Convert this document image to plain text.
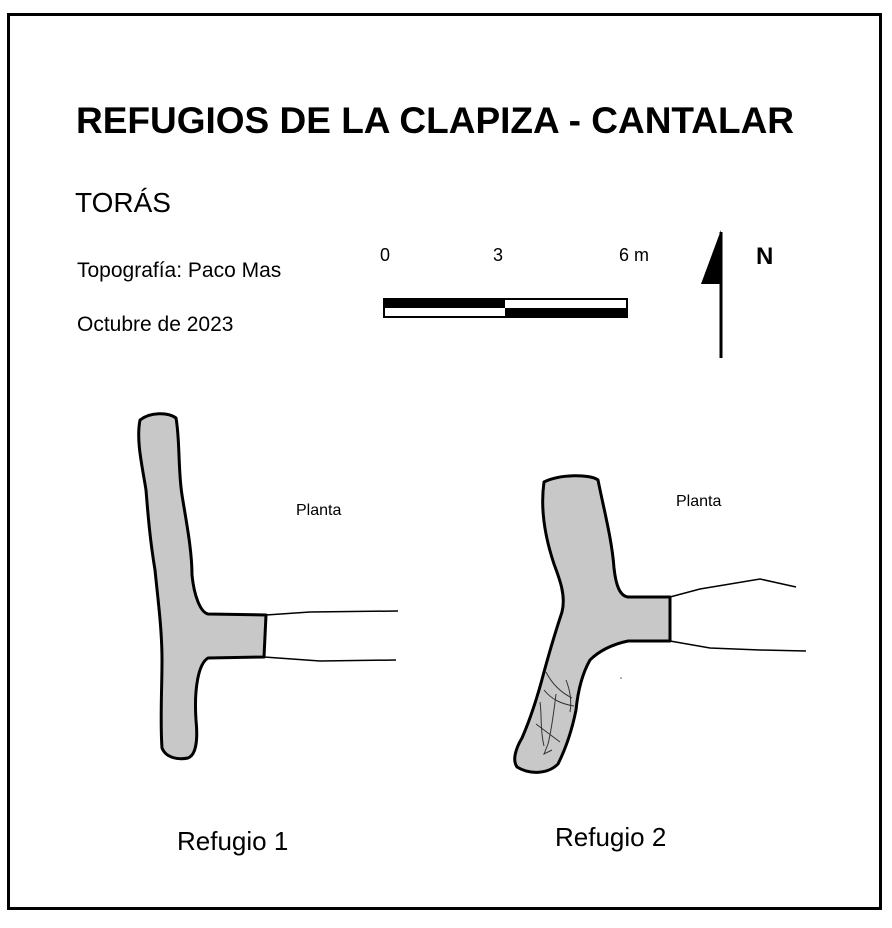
REFUGIOS DE LA CLAPIZA - CANTALAR
TORÁS
Topografía: Paco Mas
Octubre de 2023
0	3	6 m	N
Planta
Planta
Refugio 1	Refugio 2
